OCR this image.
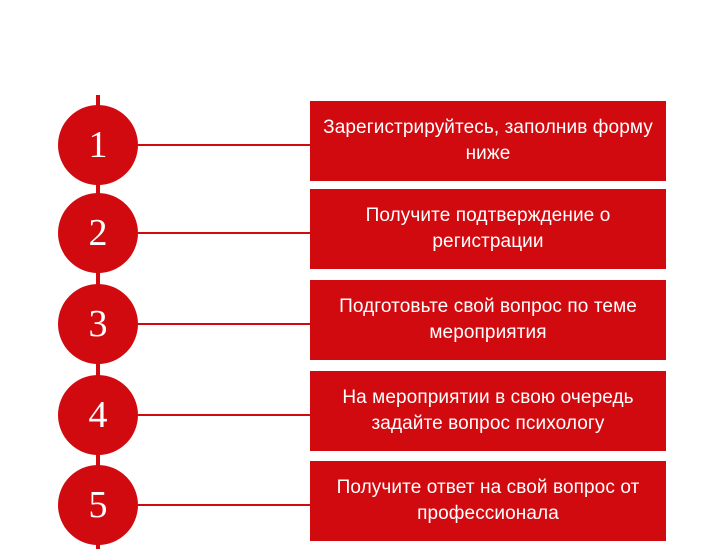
1	Зарегистрируйтесь, заполнив форму ниже
2	Получите подтверждение о регистрации
3	Подготовьте свой вопрос по теме мероприятия
4	На мероприятии в свою очередь задайте вопрос психологу
5	Получите ответ на свой вопрос от профессионала
